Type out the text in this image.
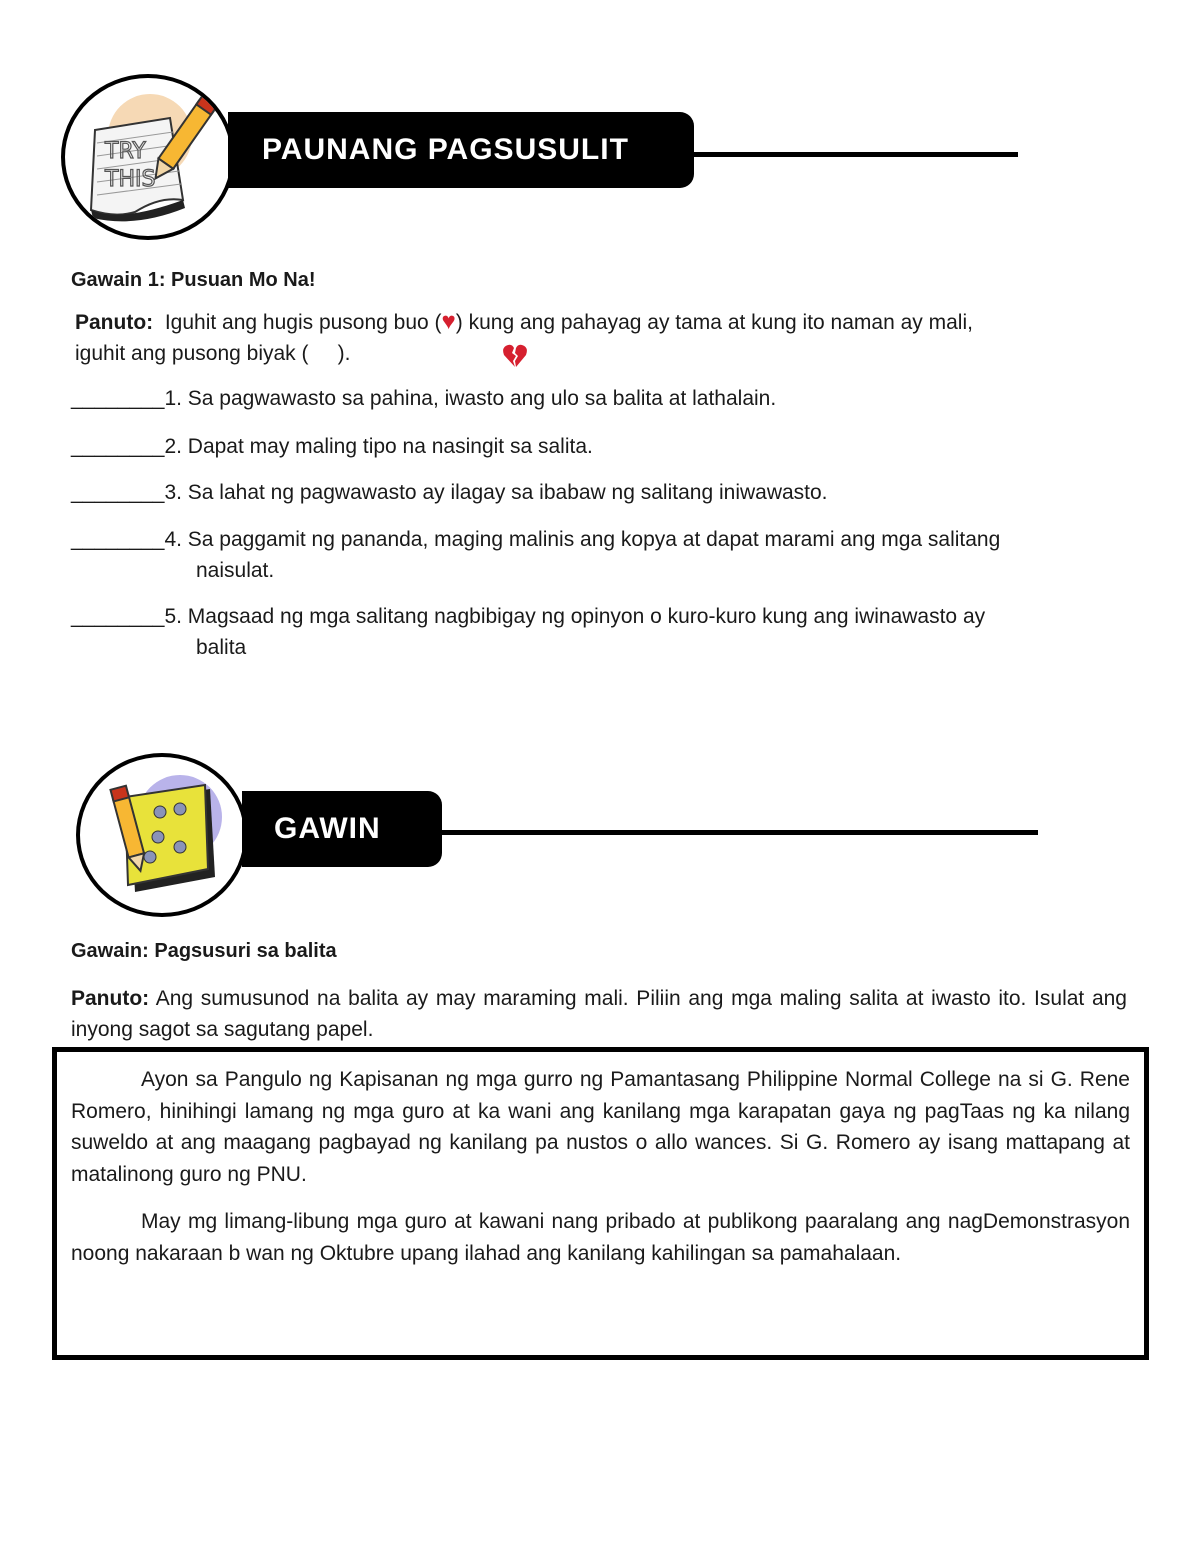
TRY
THIS
PAUNANG PAGSUSULIT
Gawain 1: Pusuan Mo Na!
Panuto: Iguhit ang hugis pusong buo (♥) kung ang pahayag ay tama at kung ito naman ay mali,
iguhit ang pusong biyak (     ).
________1. Sa pagwawasto sa pahina, iwasto ang ulo sa balita at lathalain.
________2. Dapat may maling tipo na nasingit sa salita.
________3. Sa lahat ng pagwawasto ay ilagay sa ibabaw ng salitang iniwawasto.
________4. Sa paggamit ng pananda, maging malinis ang kopya at dapat marami ang mga salitang
naisulat.
________5. Magsaad ng mga salitang nagbibigay ng opinyon o kuro-kuro kung ang iwinawasto ay
balita
GAWIN
Gawain: Pagsusuri sa balita
Panuto: Ang sumusunod na balita ay may maraming mali. Piliin ang mga maling salita at iwasto ito. Isulat ang inyong sagot sa sagutang papel.

Ayon sa Pangulo ng Kapisanan ng mga gurro ng Pamantasang Philippine Normal College na si G. Rene Romero, hinihingi lamang ng mga guro at ka wani ang kanilang mga karapatan gaya ng pagTaas ng ka nilang suweldo at ang maagang pagbayad ng kanilang pa nustos o allo wances. Si G. Romero ay isang mattapang at matalinong guro ng PNU.

May mg limang-libung mga guro at kawani nang pribado at publikong paaralang ang nagDemonstrasyon noong nakaraan b wan ng Oktubre upang ilahad ang kanilang kahilingan sa pamahalaan.
